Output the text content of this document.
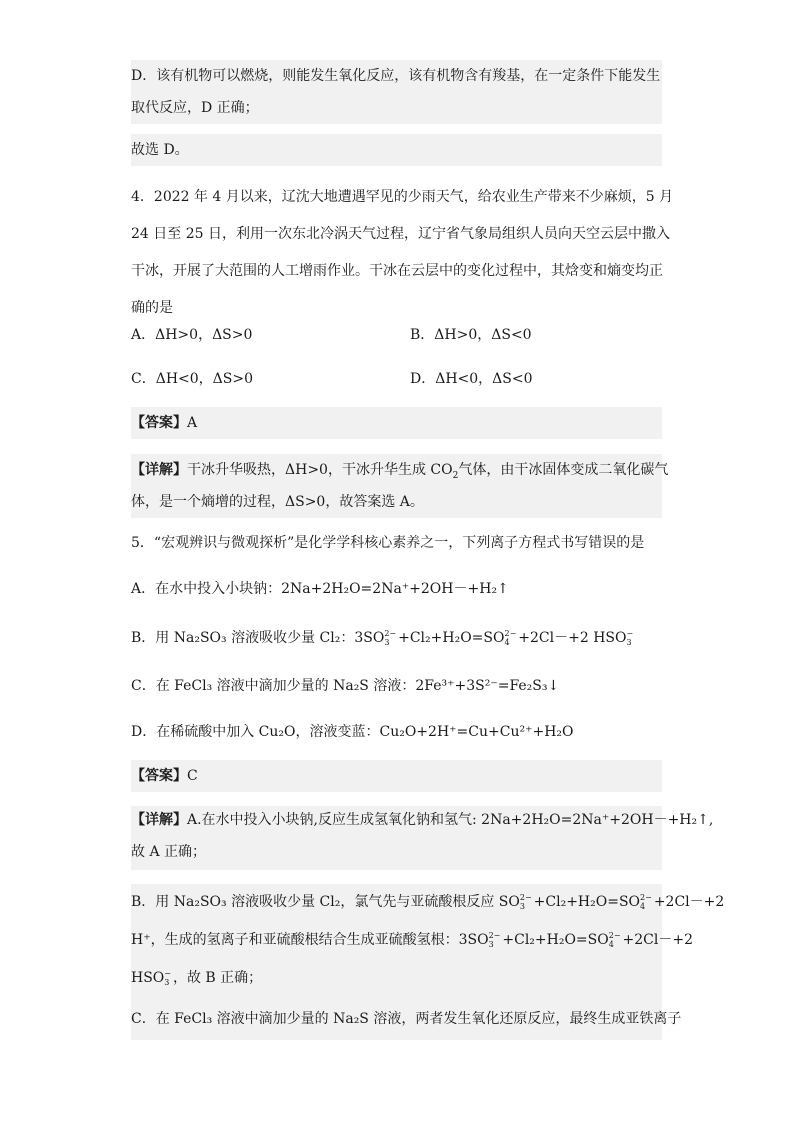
D．该有机物可以燃烧，则能发生氧化反应，该有机物含有羧基，在一定条件下能发生
取代反应，D 正确；
故选 D。
4．2022 年 4 月以来，辽沈大地遭遇罕见的少雨天气，给农业生产带来不少麻烦，5 月
24 日至 25 日，利用一次东北冷涡天气过程，辽宁省气象局组织人员向天空云层中撒入
干冰，开展了大范围的人工增雨作业。干冰在云层中的变化过程中，其焓变和熵变均正
确的是
A．ΔH>0，ΔS>0	B．ΔH>0，ΔS<0
C．ΔH<0，ΔS>0	D．ΔH<0，ΔS<0
【答案】A
【详解】干冰升华吸热，ΔH>0，干冰升华生成 $CO_2$气体，由干冰固体变成二氧化碳气
体，是一个熵增的过程，ΔS>0，故答案选 A。
5．“宏观辨识与微观探析”是化学学科核心素养之一，下列离子方程式书写错误的是
A．在水中投入小块钠：2Na+2H₂O=2Na⁺+2OH－+H₂↑
B．用 Na₂SO₃ 溶液吸收少量 Cl₂：3SO 2−
3 +Cl₂+H₂O=SO 2−
4 +2Cl－+2 HSO −
3
C．在 FeCl₃ 溶液中滴加少量的 Na₂S 溶液：2Fe³⁺+3S²⁻=Fe₂S₃↓
D．在稀硫酸中加入 Cu₂O，溶液变蓝：Cu₂O+2H⁺=Cu+Cu²⁺+H₂O
【答案】C
【详解】A.在水中投入小块钠,反应生成氢氧化钠和氢气: 2Na+2H₂O=2Na⁺+2OH－+H₂↑,
故 A 正确；
B．用 Na₂SO₃ 溶液吸收少量 Cl₂，氯气先与亚硫酸根反应 SO 2−
3 +Cl₂+H₂O=SO 2−
4 +2Cl－+2
H⁺，生成的氢离子和亚硫酸根结合生成亚硫酸氢根：3SO 2−
3 +Cl₂+H₂O=SO 2−
4 +2Cl－+2
HSO −
3 ，故 B 正确；
C．在 FeCl₃ 溶液中滴加少量的 Na₂S 溶液，两者发生氧化还原反应，最终生成亚铁离子
